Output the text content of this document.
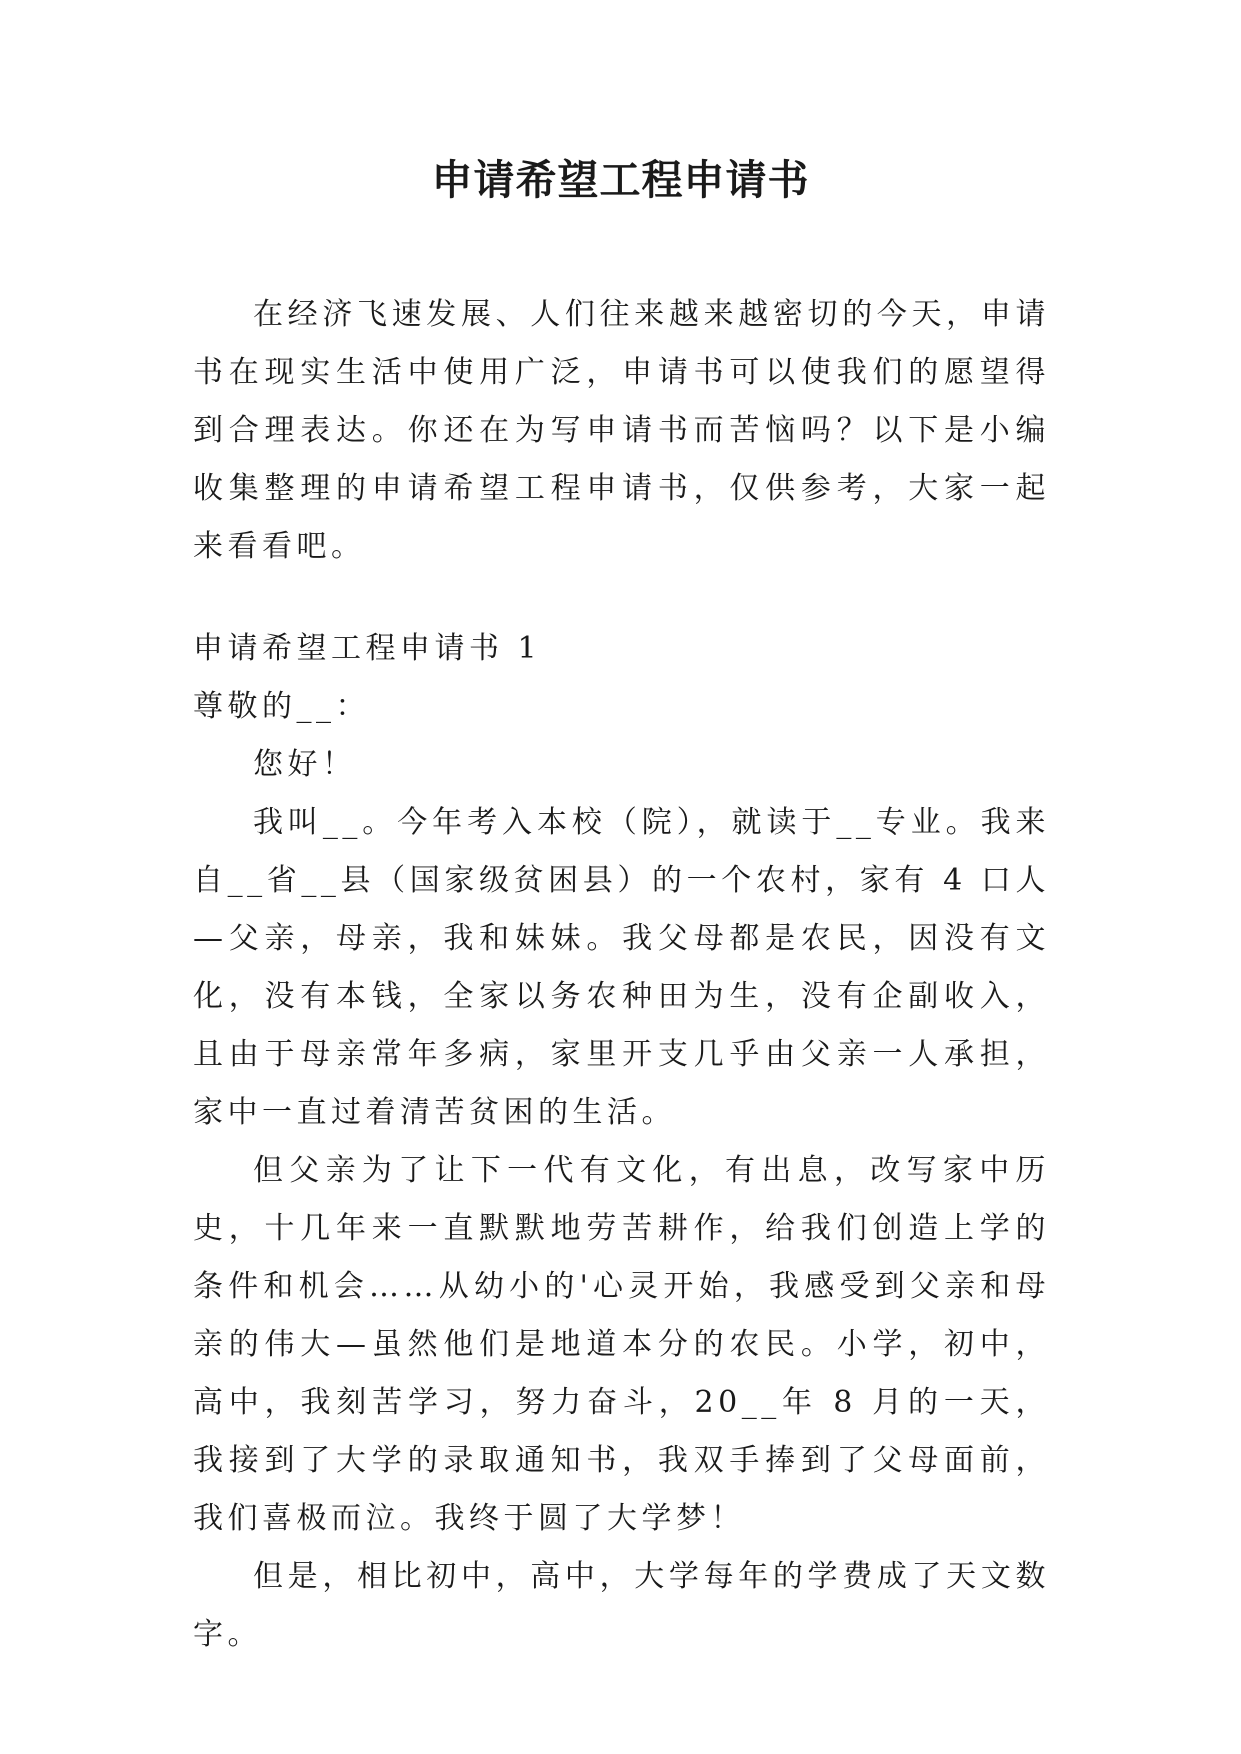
申请希望工程申请书

在经济飞速发展、人们往来越来越密切的今天，申请书在现实生活中使用广泛，申请书可以使我们的愿望得到合理表达。你还在为写申请书而苦恼吗？以下是小编收集整理的申请希望工程申请书，仅供参考，大家一起来看看吧。

申请希望工程申请书 1

尊敬的__：

您好！

我叫__。今年考入本校（院），就读于__专业。我来自__省__县（国家级贫困县）的一个农村，家有 4 口人—父亲，母亲，我和妹妹。我父母都是农民，因没有文化，没有本钱，全家以务农种田为生，没有企副收入，且由于母亲常年多病，家里开支几乎由父亲一人承担，家中一直过着清苦贫困的生活。

但父亲为了让下一代有文化，有出息，改写家中历史，十几年来一直默默地劳苦耕作，给我们创造上学的条件和机会……从幼小的'心灵开始，我感受到父亲和母亲的伟大—虽然他们是地道本分的农民。小学，初中，高中，我刻苦学习，努力奋斗，20__年 8 月的一天，我接到了大学的录取通知书，我双手捧到了父母面前，我们喜极而泣。我终于圆了大学梦！

但是，相比初中，高中，大学每年的学费成了天文数字。
